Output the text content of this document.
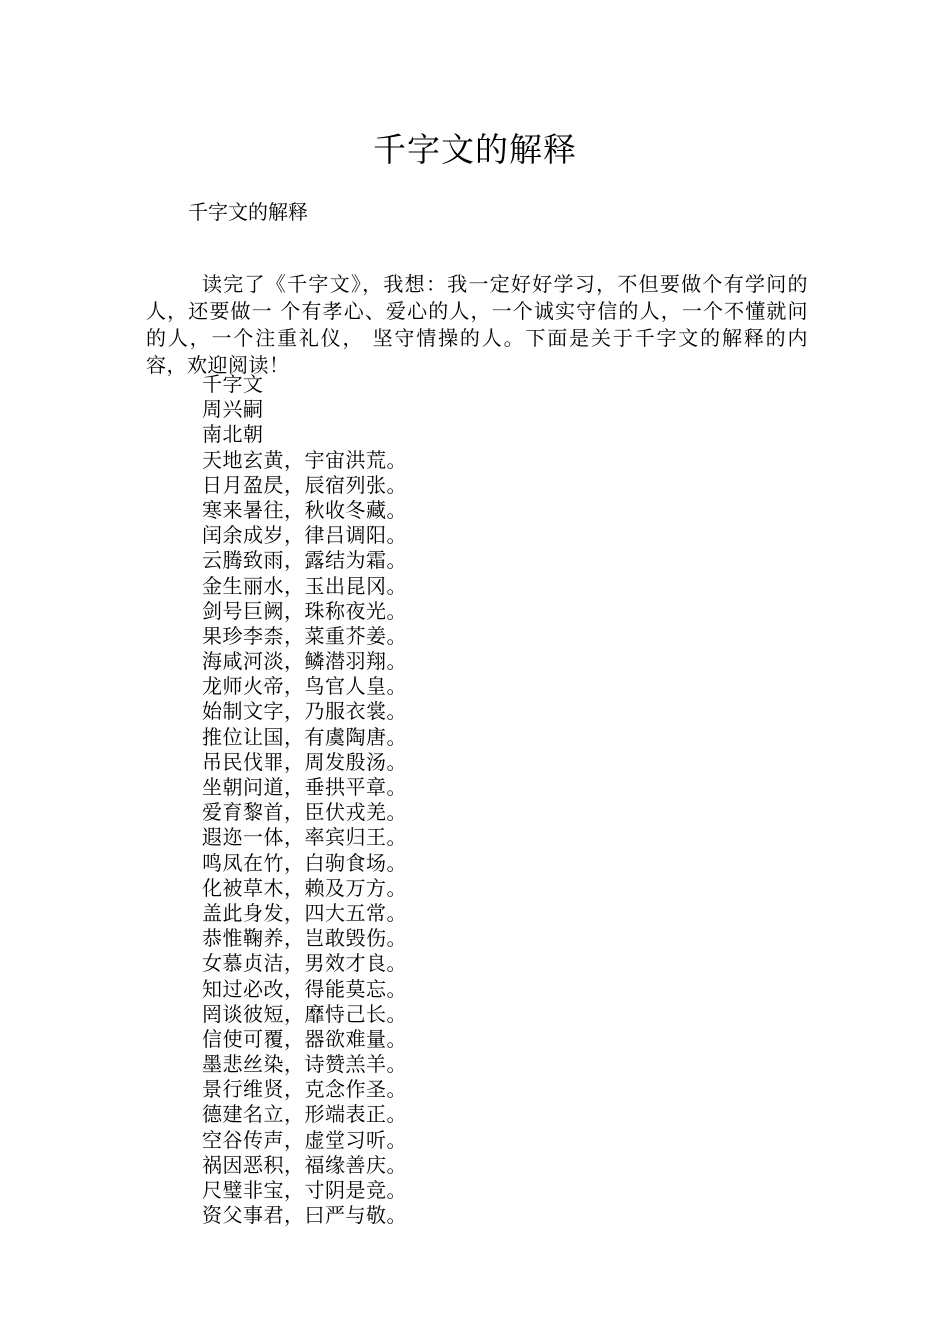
千字文的解释
千字文的解释
读完了《千字文》，我想：我一定好好学习，不但要做个有学问的人，还要做一 个有孝心、爱心的人，一个诚实守信的人，一个不懂就问的人，一个注重礼仪， 坚守情操的人。下面是关于千字文的解释的内容，欢迎阅读！
千字文
周兴嗣
南北朝
天地玄黄，宇宙洪荒。
日月盈昃，辰宿列张。
寒来暑往，秋收冬藏。
闰余成岁，律吕调阳。
云腾致雨，露结为霜。
金生丽水，玉出昆冈。
剑号巨阙，珠称夜光。
果珍李柰，菜重芥姜。
海咸河淡，鳞潜羽翔。
龙师火帝，鸟官人皇。
始制文字，乃服衣裳。
推位让国，有虞陶唐。
吊民伐罪，周发殷汤。
坐朝问道，垂拱平章。
爱育黎首，臣伏戎羌。
遐迩一体，率宾归王。
鸣凤在竹，白驹食场。
化被草木，赖及万方。
盖此身发，四大五常。
恭惟鞠养，岂敢毁伤。
女慕贞洁，男效才良。
知过必改，得能莫忘。
罔谈彼短，靡恃己长。
信使可覆，器欲难量。
墨悲丝染，诗赞羔羊。
景行维贤，克念作圣。
德建名立，形端表正。
空谷传声，虚堂习听。
祸因恶积，福缘善庆。
尺璧非宝，寸阴是竞。
资父事君，曰严与敬。
